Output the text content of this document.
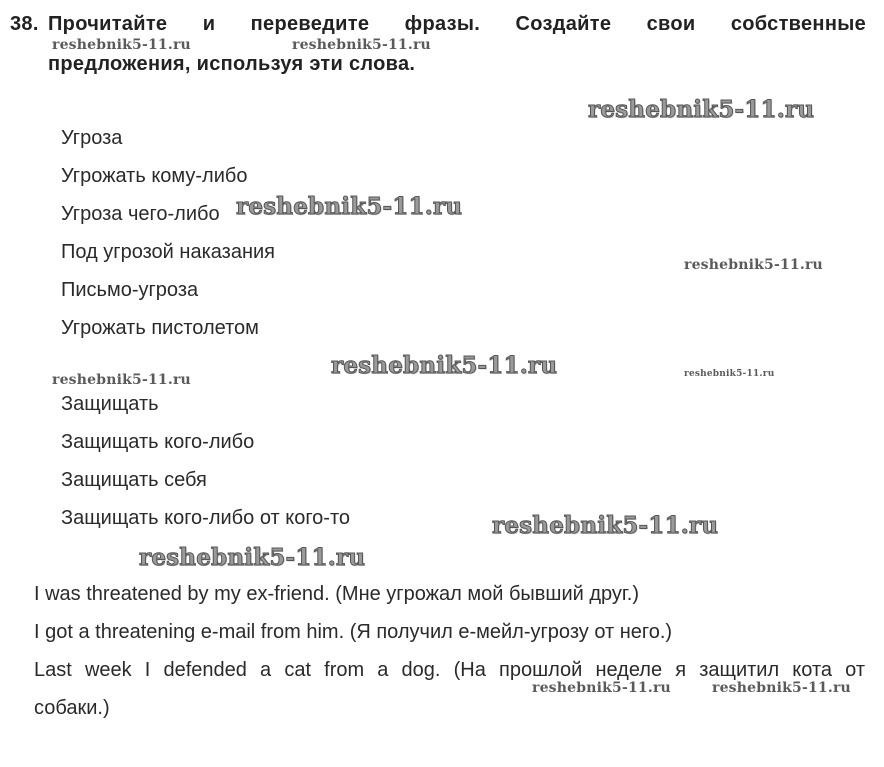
38. Прочитайте и переведите фразы. Создайте свои собственные
предложения, используя эти слова.
Угроза
Угрожать кому-либо
Угроза чего-либо
Под угрозой наказания
Письмо-угроза
Угрожать пистолетом
Защищать
Защищать кого-либо
Защищать себя
Защищать кого-либо от кого-то
I was threatened by my ex-friend. (Мне угрожал мой бывший друг.)
I got a threatening e-mail from him. (Я получил е-мейл-угрозу от него.)
Last week I defended a cat from a dog. (На прошлой неделе я защитил кота от
собаки.)
reshebnik5-11.ru	reshebnik5-11.ru
reshebnik5-11.ru
reshebnik5-11.ru
reshebnik5-11.ru
reshebnik5-11.ru
reshebnik5-11.ru	reshebnik5-11.ru
reshebnik5-11.ru
reshebnik5-11.ru
reshebnik5-11.ru	reshebnik5-11.ru
